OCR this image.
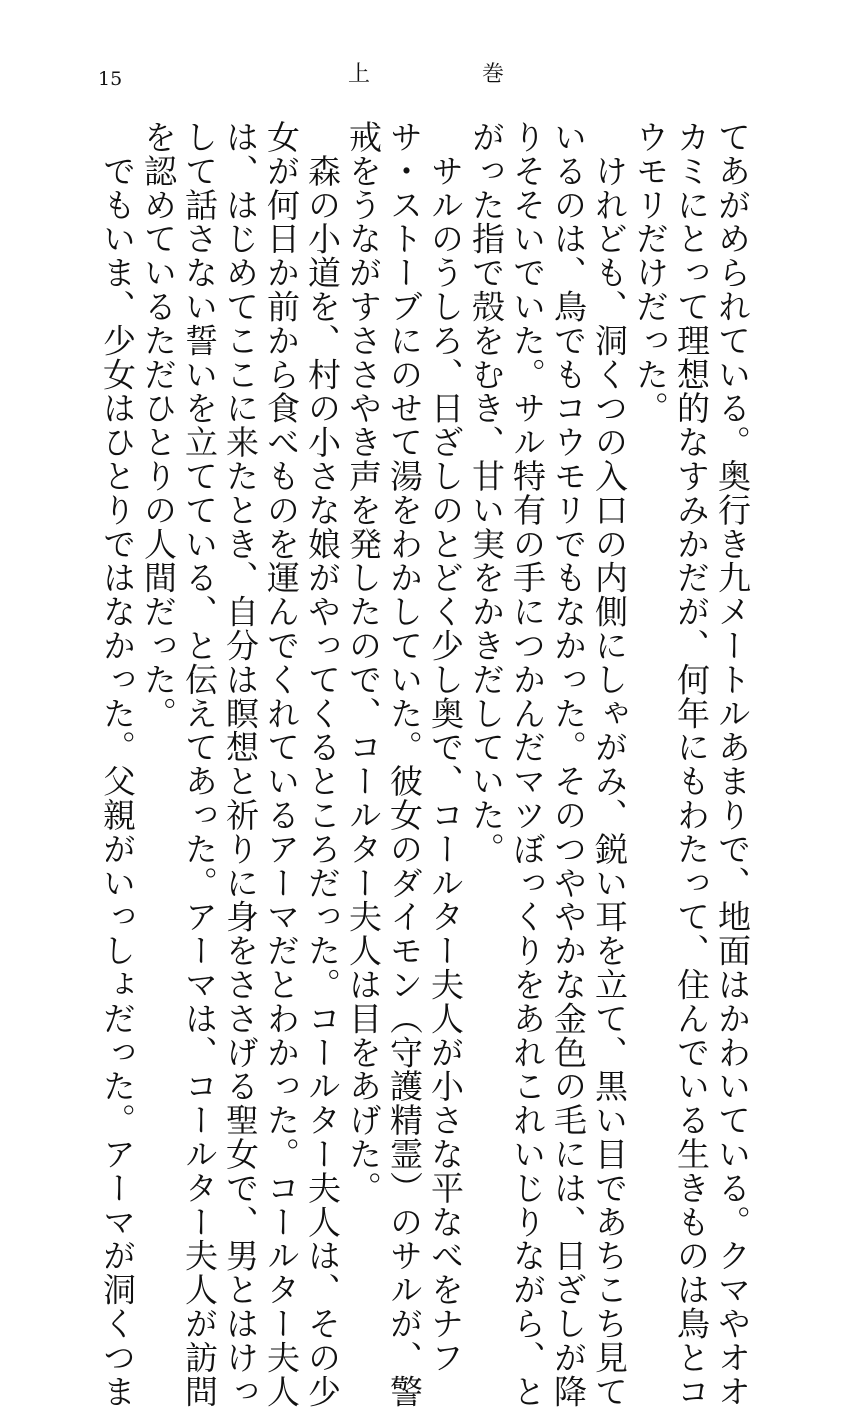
15	上	巻
てあがめられている。奥行き九メートルあまりで、地面はかわいている。クマやオオ
カミにとって理想的なすみかだが、何年にもわたって、住んでいる生きものは鳥とコ
ウモリだけだった。
　けれども、洞くつの入口の内側にしゃがみ、鋭い耳を立て、黒い目であちこち見て
いるのは、鳥でもコウモリでもなかった。そのつややかな金色の毛には、日ざしが降
りそそいでいた。サル特有の手につかんだマツぼっくりをあれこれいじりながら、と
がった指で殻をむき、甘い実をかきだしていた。
　サルのうしろ、日ざしのとどく少し奥で、コールター夫人が小さな平なべをナフ
サ・ストーブにのせて湯をわかしていた。彼女のダイモン（守護精霊）のサルが、警
戒をうながすささやき声を発したので、コールター夫人は目をあげた。
　森の小道を、村の小さな娘がやってくるところだった。コールター夫人は、その少
女が何日か前から食べものを運んでくれているアーマだとわかった。コールター夫人
は、はじめてここに来たとき、自分は瞑想と祈りに身をささげる聖女で、男とはけっ
して話さない誓いを立てている、と伝えてあった。アーマは、コールター夫人が訪問
を認めているただひとりの人間だった。
　でもいま、少女はひとりではなかった。父親がいっしょだった。アーマが洞くつま
